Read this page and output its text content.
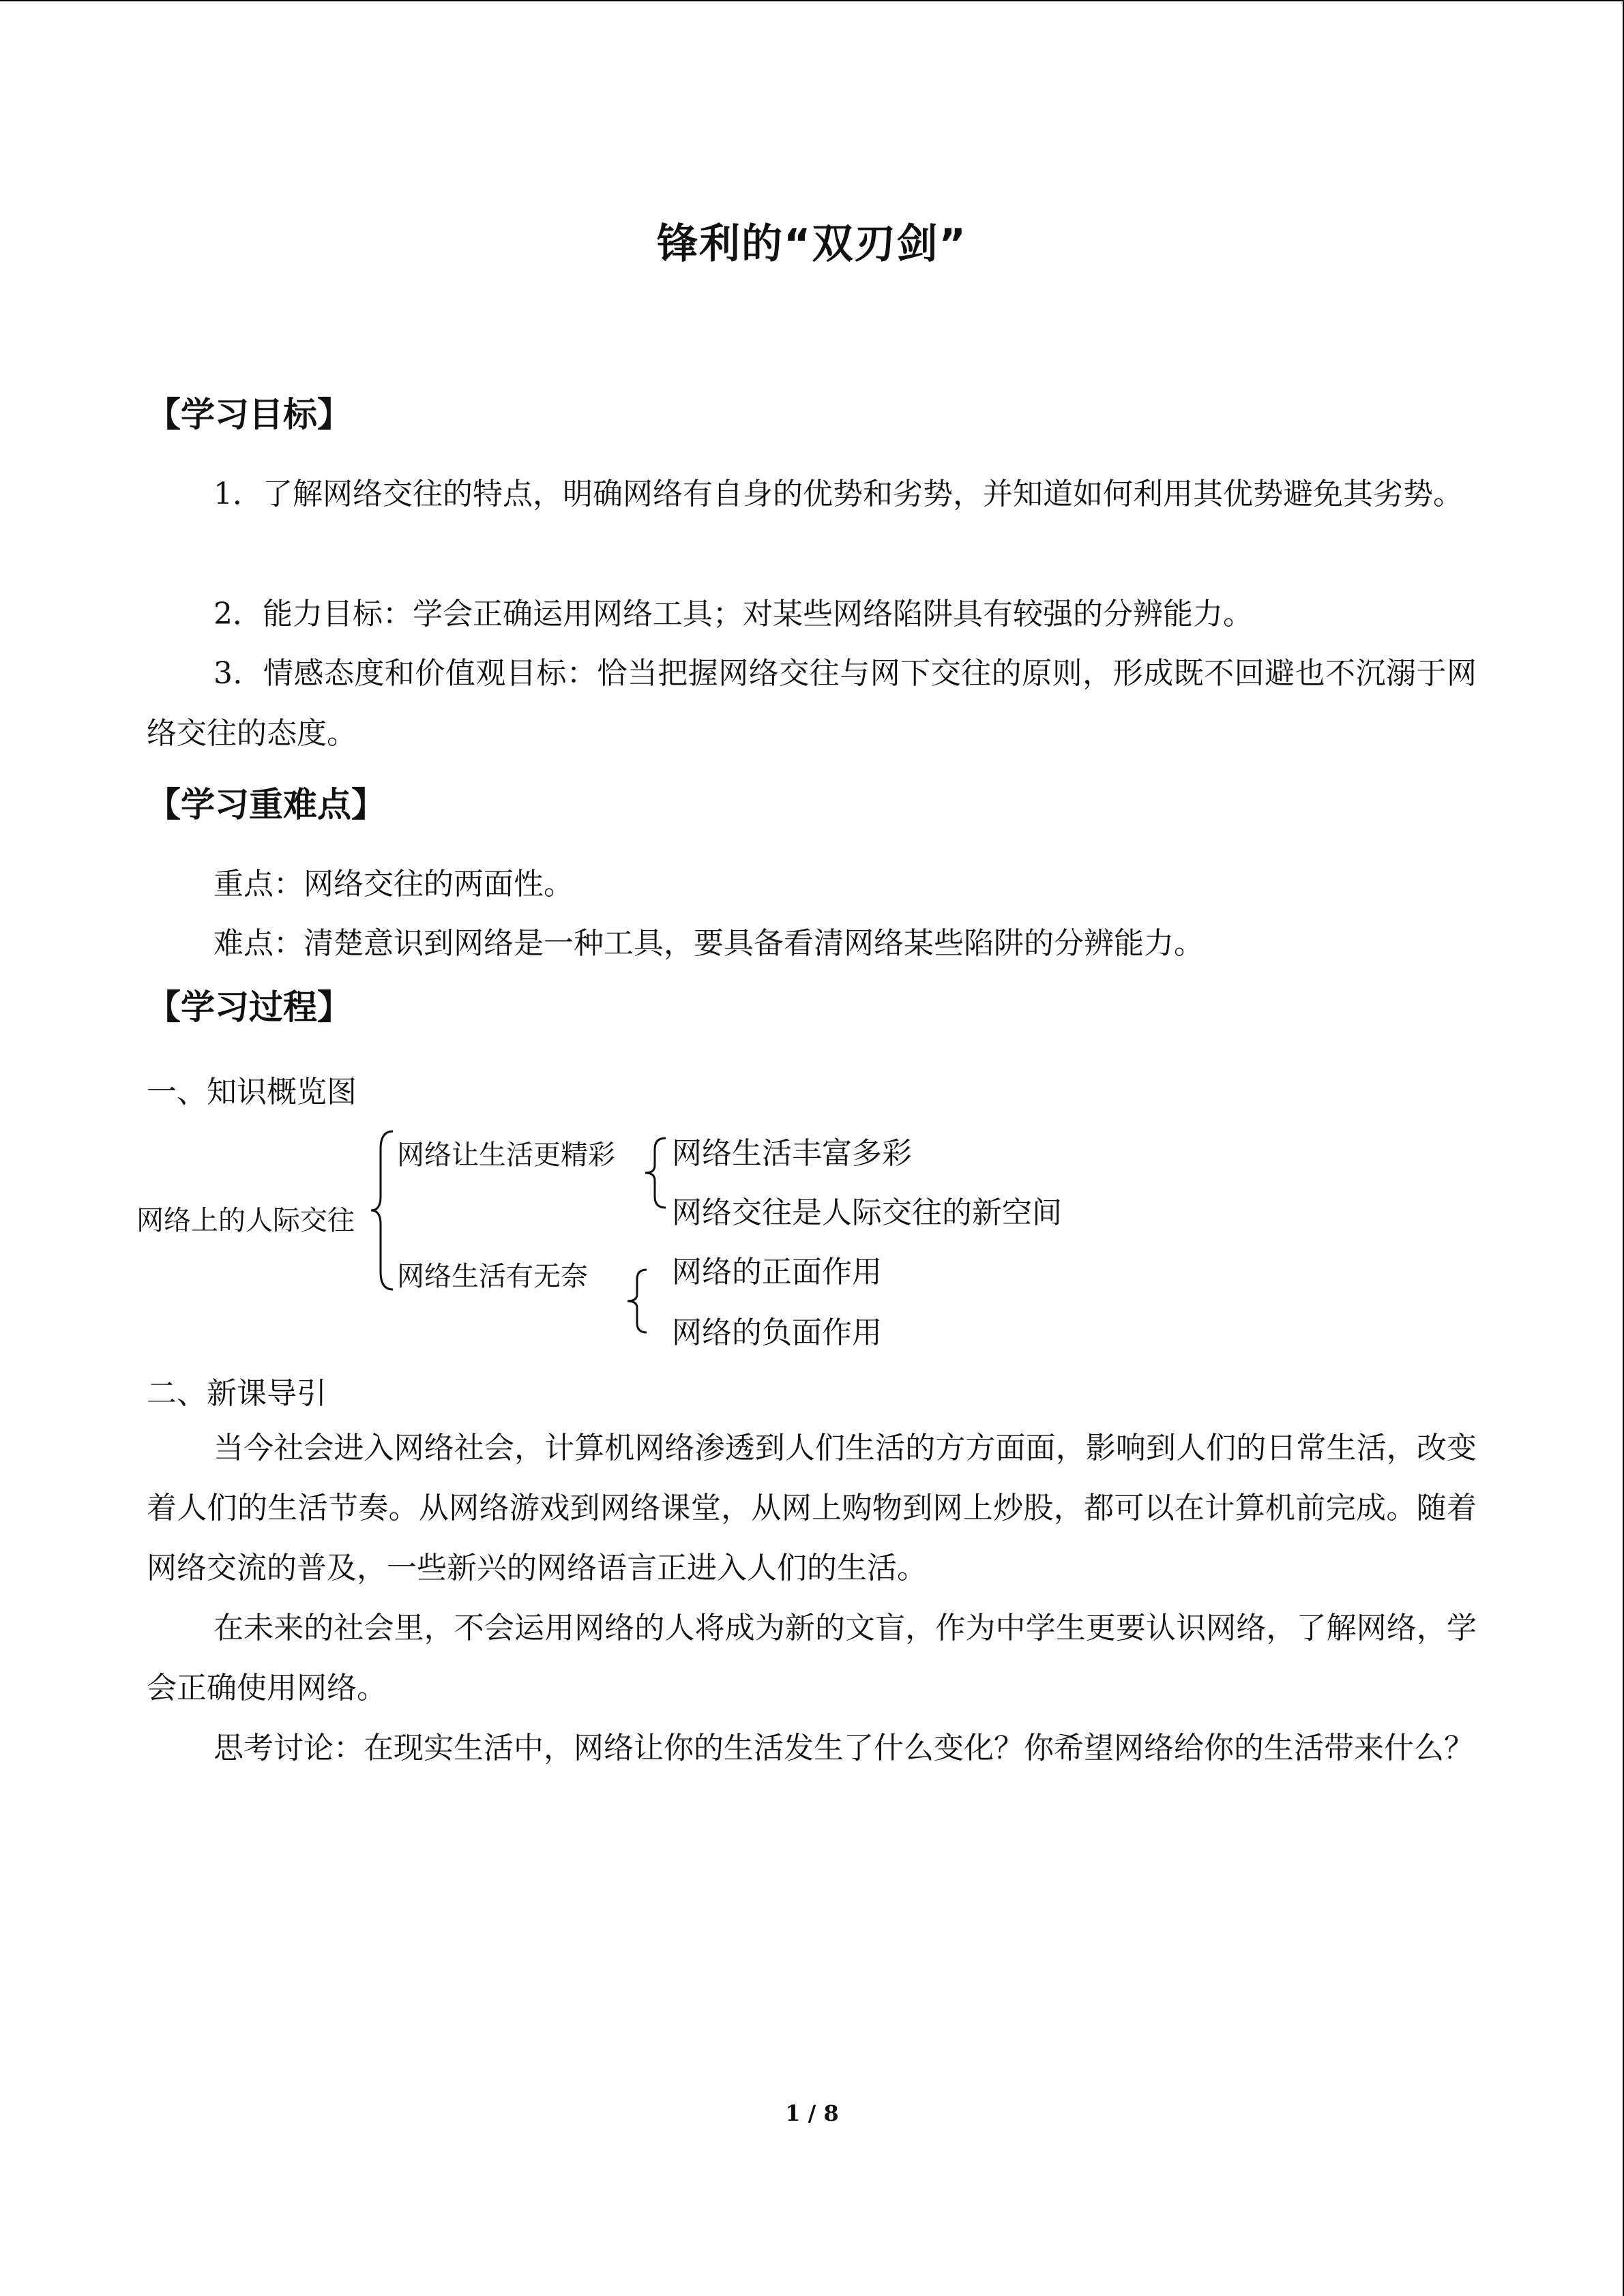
锋利的“双刃剑”
【学习目标】
1．了解网络交往的特点，明确网络有自身的优势和劣势，并知道如何利用其优势避免其劣势。
2．能力目标：学会正确运用网络工具；对某些网络陷阱具有较强的分辨能力。
3．情感态度和价值观目标：恰当把握网络交往与网下交往的原则，形成既不回避也不沉溺于网络交往的态度。
【学习重难点】
重点：网络交往的两面性。
难点：清楚意识到网络是一种工具，要具备看清网络某些陷阱的分辨能力。
【学习过程】
一、知识概览图
网络上的人际交往
网络让生活更精彩 网络生活丰富多彩
网络交往是人际交往的新空间
网络生活有无奈	网络的正面作用
网络的负面作用
二、新课导引
当今社会进入网络社会，计算机网络渗透到人们生活的方方面面，影响到人们的日常生活，改变着人们的生活节奏。从网络游戏到网络课堂，从网上购物到网上炒股，都可以在计算机前完成。随着网络交流的普及，一些新兴的网络语言正进入人们的生活。
在未来的社会里，不会运用网络的人将成为新的文盲，作为中学生更要认识网络，了解网络，学会正确使用网络。
思考讨论：在现实生活中，网络让你的生活发生了什么变化？你希望网络给你的生活带来什么？
1 / 8
